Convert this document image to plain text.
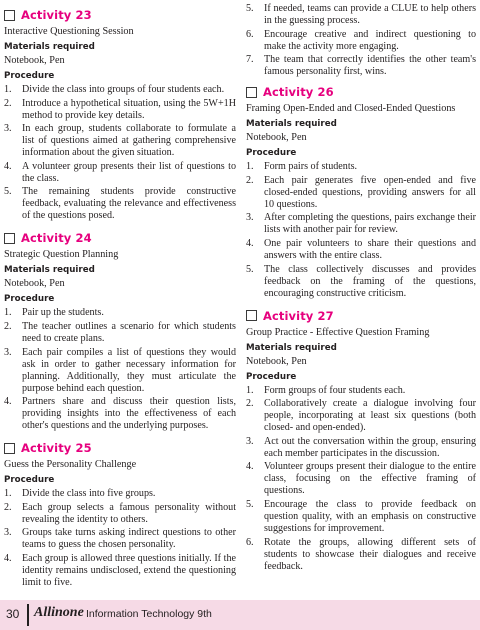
Activity 23
Interactive Questioning Session
Materials required
Notebook, Pen
Procedure
1.	Divide the class into groups of four students each.
2.	Introduce a hypothetical situation, using the 5W+1H method to provide key details.
3.	In each group, students collaborate to formulate a list of questions aimed at gathering comprehensive information about the given situation.
4.	A volunteer group presents their list of questions to the class.
5.	The remaining students provide constructive feedback, evaluating the relevance and effectiveness of the questions posed.
Activity 24
Strategic Question Planning
Materials required
Notebook, Pen
Procedure
1.	Pair up the students.
2.	The teacher outlines a scenario for which students need to create plans.
3.	Each pair compiles a list of questions they would ask in order to gather necessary information for planning. Additionally, they must articulate the purpose behind each question.
4.	Partners share and discuss their question lists, providing insights into the effectiveness of each other's questions and the underlying purposes.
Activity 25
Guess the Personality Challenge
Procedure
1.	Divide the class into five groups.
2.	Each group selects a famous personality without revealing the identity to others.
3.	Groups take turns asking indirect questions to other teams to guess the chosen personality.
4.	Each group is allowed three questions initially. If the identity remains undisclosed, extend the questioning limit to five.
5.	If needed, teams can provide a CLUE to help others in the guessing process.
6.	Encourage creative and indirect questioning to make the activity more engaging.
7.	The team that correctly identifies the other team's famous personality first, wins.
Activity 26
Framing Open-Ended and Closed-Ended Questions
Materials required
Notebook, Pen
Procedure
1.	Form pairs of students.
2.	Each pair generates five open-ended and five closed-ended questions, providing answers for all 10 questions.
3.	After completing the questions, pairs exchange their lists with another pair for review.
4.	One pair volunteers to share their questions and answers with the entire class.
5.	The class collectively discusses and provides feedback on the framing of the questions, encouraging constructive criticism.
Activity 27
Group Practice - Effective Question Framing
Materials required
Notebook, Pen
Procedure
1.	Form groups of four students each.
2.	Collaboratively create a dialogue involving four people, incorporating at least six questions (both closed- and open-ended).
3.	Act out the conversation within the group, ensuring each member participates in the discussion.
4.	Volunteer groups present their dialogue to the entire class, focusing on the effective framing of questions.
5.	Encourage the class to provide feedback on question quality, with an emphasis on constructive suggestions for improvement.
6.	Rotate the groups, allowing different sets of students to showcase their dialogues and receive feedback.
30 Allinone Information Technology 9th
